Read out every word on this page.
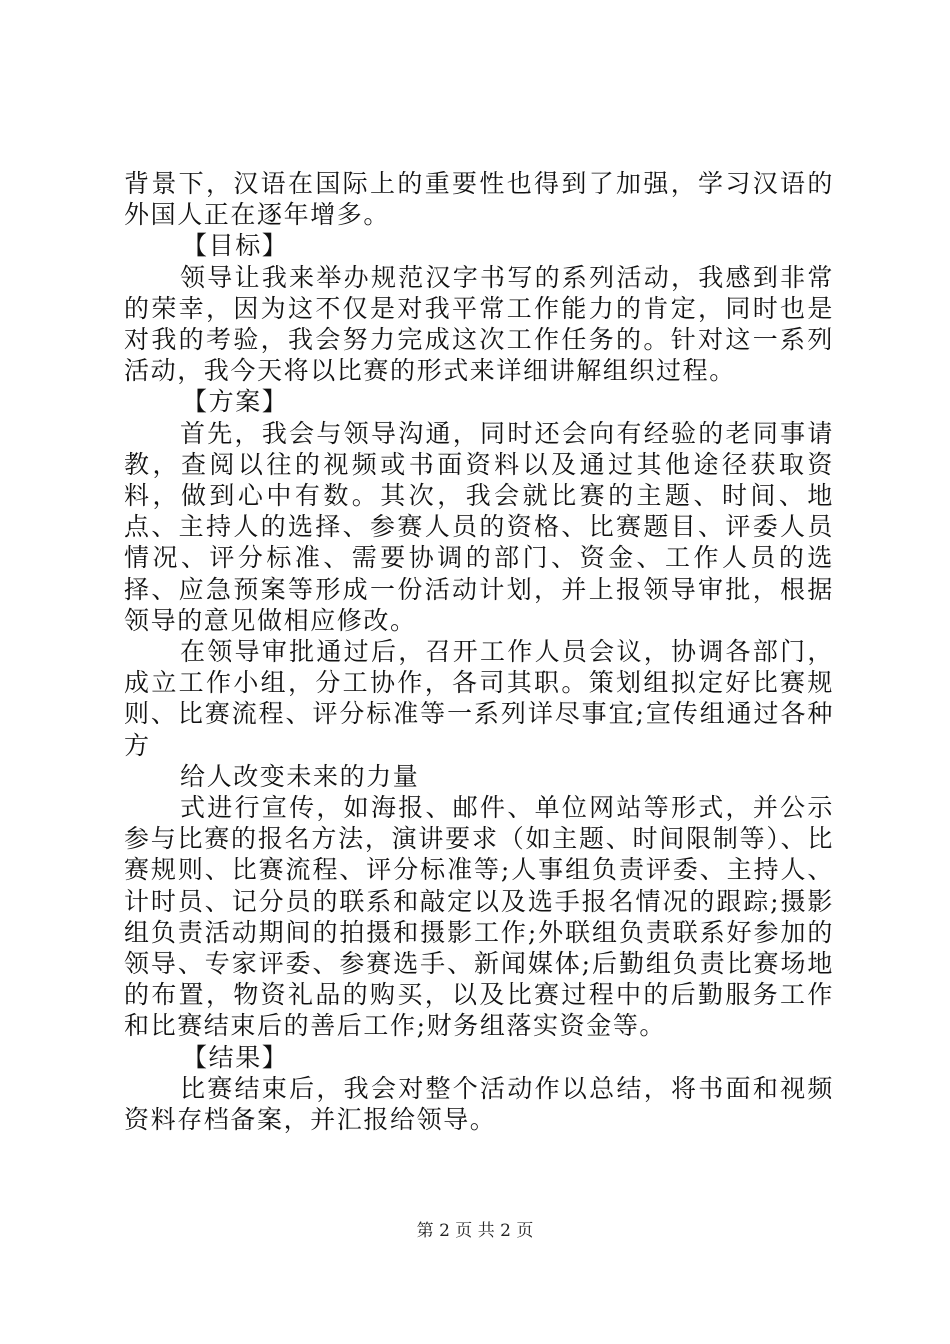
背景下，汉语在国际上的重要性也得到了加强，学习汉语的外国人正在逐年增多。

【目标】

领导让我来举办规范汉字书写的系列活动，我感到非常的荣幸，因为这不仅是对我平常工作能力的肯定，同时也是对我的考验，我会努力完成这次工作任务的。针对这一系列活动，我今天将以比赛的形式来详细讲解组织过程。

【方案】

首先，我会与领导沟通，同时还会向有经验的老同事请教，查阅以往的视频或书面资料以及通过其他途径获取资料，做到心中有数。其次，我会就比赛的主题、时间、地点、主持人的选择、参赛人员的资格、比赛题目、评委人员情况、评分标准、需要协调的部门、资金、工作人员的选择、应急预案等形成一份活动计划，并上报领导审批，根据领导的意见做相应修改。

在领导审批通过后，召开工作人员会议，协调各部门，成立工作小组，分工协作，各司其职。策划组拟定好比赛规则、比赛流程、评分标准等一系列详尽事宜;宣传组通过各种方

给人改变未来的力量

式进行宣传，如海报、邮件、单位网站等形式，并公示参与比赛的报名方法，演讲要求（如主题、时间限制等）、比赛规则、比赛流程、评分标准等;人事组负责评委、主持人、计时员、记分员的联系和敲定以及选手报名情况的跟踪;摄影组负责活动期间的拍摄和摄影工作;外联组负责联系好参加的领导、专家评委、参赛选手、新闻媒体;后勤组负责比赛场地的布置，物资礼品的购买，以及比赛过程中的后勤服务工作和比赛结束后的善后工作;财务组落实资金等。

【结果】

比赛结束后，我会对整个活动作以总结，将书面和视频资料存档备案，并汇报给领导。

第 2 页 共 2 页
